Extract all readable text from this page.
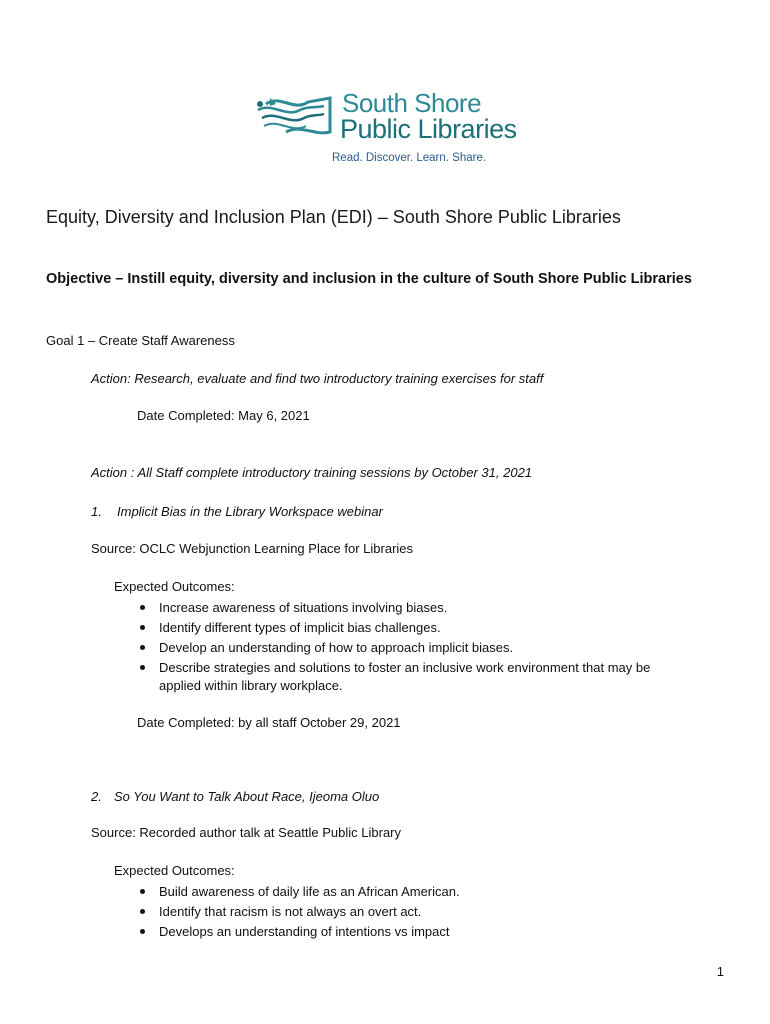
South Shore
Public Libraries
Read. Discover. Learn. Share.
Equity, Diversity and Inclusion Plan (EDI) – South Shore Public Libraries
Objective – Instill equity, diversity and inclusion in the culture of South Shore Public Libraries
Goal 1 – Create Staff Awareness
Action: Research, evaluate and find two introductory training exercises for staff
Date Completed: May 6, 2021
Action : All Staff complete introductory training sessions by October 31, 2021
1. Implicit Bias in the Library Workspace webinar
Source: OCLC Webjunction Learning Place for Libraries
Expected Outcomes:
Increase awareness of situations involving biases.
Identify different types of implicit bias challenges.
Develop an understanding of how to approach implicit biases.
Describe strategies and solutions to foster an inclusive work environment that may be
applied within library workplace.
Date Completed: by all staff October 29, 2021
2. So You Want to Talk About Race, Ijeoma Oluo
Source: Recorded author talk at Seattle Public Library
Expected Outcomes:
Build awareness of daily life as an African American.
Identify that racism is not always an overt act.
Develops an understanding of intentions vs impact
1
